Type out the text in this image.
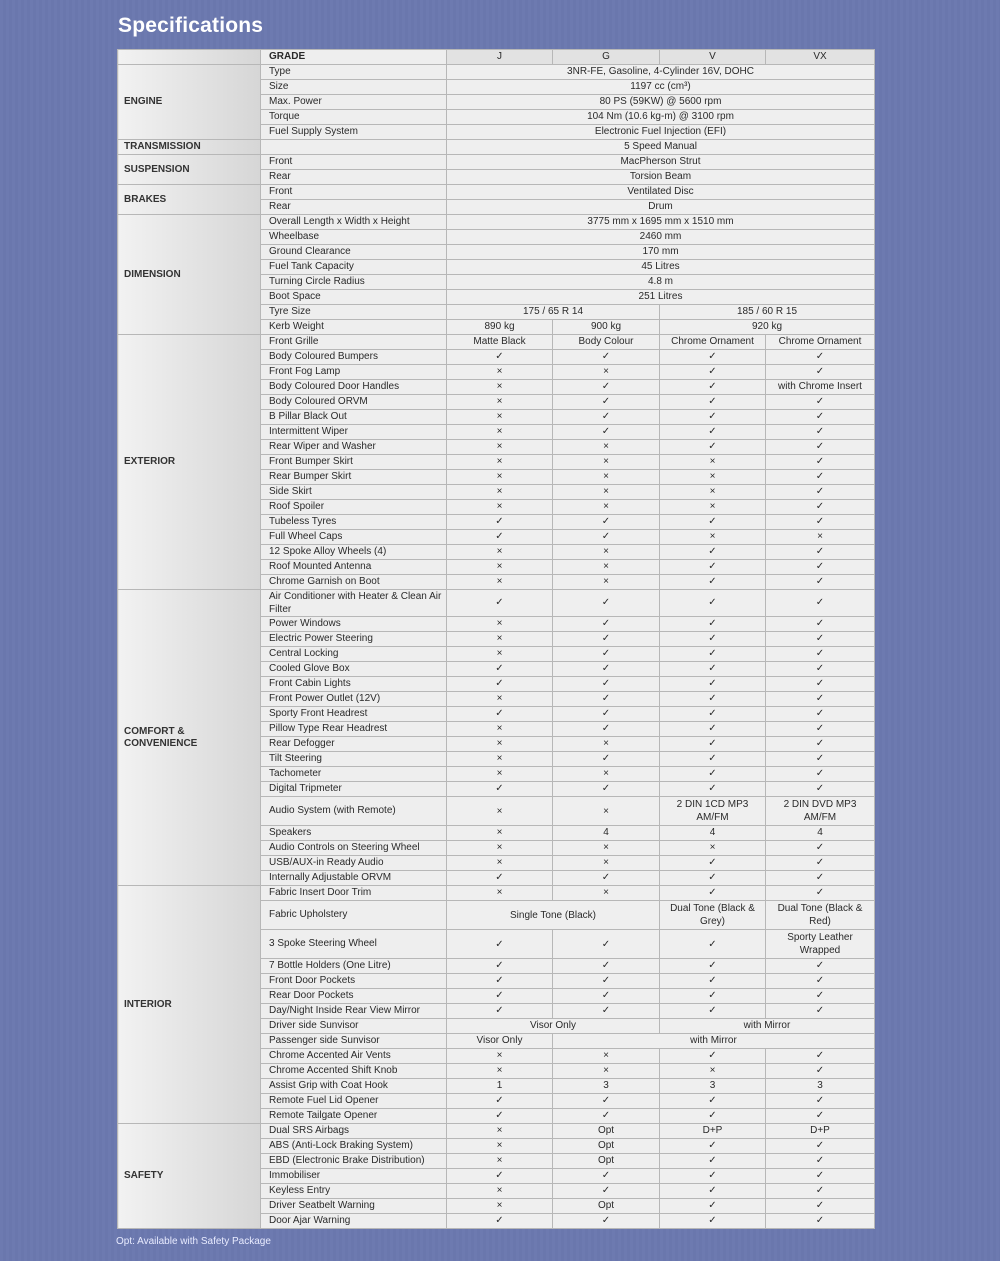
Specifications
	GRADE	J	G	V	VX
ENGINE	Type	3NR-FE, Gasoline, 4-Cylinder 16V, DOHC			
	Size	1197 cc (cm³)			
	Max. Power	80 PS (59KW) @ 5600 rpm			
	Torque	104 Nm (10.6 kg-m) @ 3100 rpm			
	Fuel Supply System	Electronic Fuel Injection (EFI)			
TRANSMISSION		5 Speed Manual			
SUSPENSION	Front	MacPherson Strut			
	Rear	Torsion Beam			
BRAKES	Front	Ventilated Disc			
	Rear	Drum			
DIMENSION	Overall Length x Width x Height	3775 mm x 1695 mm x 1510 mm			
	Wheelbase	2460 mm			
	Ground Clearance	170 mm			
	Fuel Tank Capacity	45 Litres			
	Turning Circle Radius	4.8 m			
	Boot Space	251 Litres			
	Tyre Size	175 / 65 R 14		185 / 60 R 15	
	Kerb Weight	890 kg	900 kg	920 kg	
EXTERIOR	Front Grille	Matte Black	Body Colour	Chrome Ornament	Chrome Ornament
	Body Coloured Bumpers	✓	✓	✓	✓
	Front Fog Lamp	×	×	✓	✓
	Body Coloured Door Handles	×	✓	✓	with Chrome Insert
	Body Coloured ORVM	×	✓	✓	✓
	B Pillar Black Out	×	✓	✓	✓
	Intermittent Wiper	×	✓	✓	✓
	Rear Wiper and Washer	×	×	✓	✓
	Front Bumper Skirt	×	×	×	✓
	Rear Bumper Skirt	×	×	×	✓
	Side Skirt	×	×	×	✓
	Roof Spoiler	×	×	×	✓
	Tubeless Tyres	✓	✓	✓	✓
	Full Wheel Caps	✓	✓	×	×
	12 Spoke Alloy Wheels (4)	×	×	✓	✓
	Roof Mounted Antenna	×	×	✓	✓
	Chrome Garnish on Boot	×	×	✓	✓
COMFORT & CONVENIENCE	Air Conditioner with Heater & Clean Air Filter	✓	✓	✓	✓
	Power Windows	×	✓	✓	✓
	Electric Power Steering	×	✓	✓	✓
	Central Locking	×	✓	✓	✓
	Cooled Glove Box	✓	✓	✓	✓
	Front Cabin Lights	✓	✓	✓	✓
	Front Power Outlet (12V)	×	✓	✓	✓
	Sporty Front Headrest	✓	✓	✓	✓
	Pillow Type Rear Headrest	×	✓	✓	✓
	Rear Defogger	×	×	✓	✓
	Tilt Steering	×	✓	✓	✓
	Tachometer	×	×	✓	✓
	Digital Tripmeter	✓	✓	✓	✓
	Audio System (with Remote)	×	×	2 DIN 1CD MP3 AM/FM	2 DIN DVD MP3 AM/FM
	Speakers	×	4	4	4
	Audio Controls on Steering Wheel	×	×	×	✓
	USB/AUX-in Ready Audio	×	×	✓	✓
	Internally Adjustable ORVM	✓	✓	✓	✓
INTERIOR	Fabric Insert Door Trim	×	×	✓	✓
	Fabric Upholstery	Single Tone (Black)		Dual Tone (Black & Grey)	Dual Tone (Black & Red)
	3 Spoke Steering Wheel	✓	✓	✓	Sporty Leather Wrapped
	7 Bottle Holders (One Litre)	✓	✓	✓	✓
	Front Door Pockets	✓	✓	✓	✓
	Rear Door Pockets	✓	✓	✓	✓
	Day/Night Inside Rear View Mirror	✓	✓	✓	✓
	Driver side Sunvisor	Visor Only		with Mirror	
	Passenger side Sunvisor	Visor Only	with Mirror		
	Chrome Accented Air Vents	×	×	✓	✓
	Chrome Accented Shift Knob	×	×	×	✓
	Assist Grip with Coat Hook	1	3	3	3
	Remote Fuel Lid Opener	✓	✓	✓	✓
	Remote Tailgate Opener	✓	✓	✓	✓
SAFETY	Dual SRS Airbags	×	Opt	D+P	D+P
	ABS (Anti-Lock Braking System)	×	Opt	✓	✓
	EBD (Electronic Brake Distribution)	×	Opt	✓	✓
	Immobiliser	✓	✓	✓	✓
	Keyless Entry	×	✓	✓	✓
	Driver Seatbelt Warning	×	Opt	✓	✓
	Door Ajar Warning	✓	✓	✓	✓
Opt: Available with Safety Package
